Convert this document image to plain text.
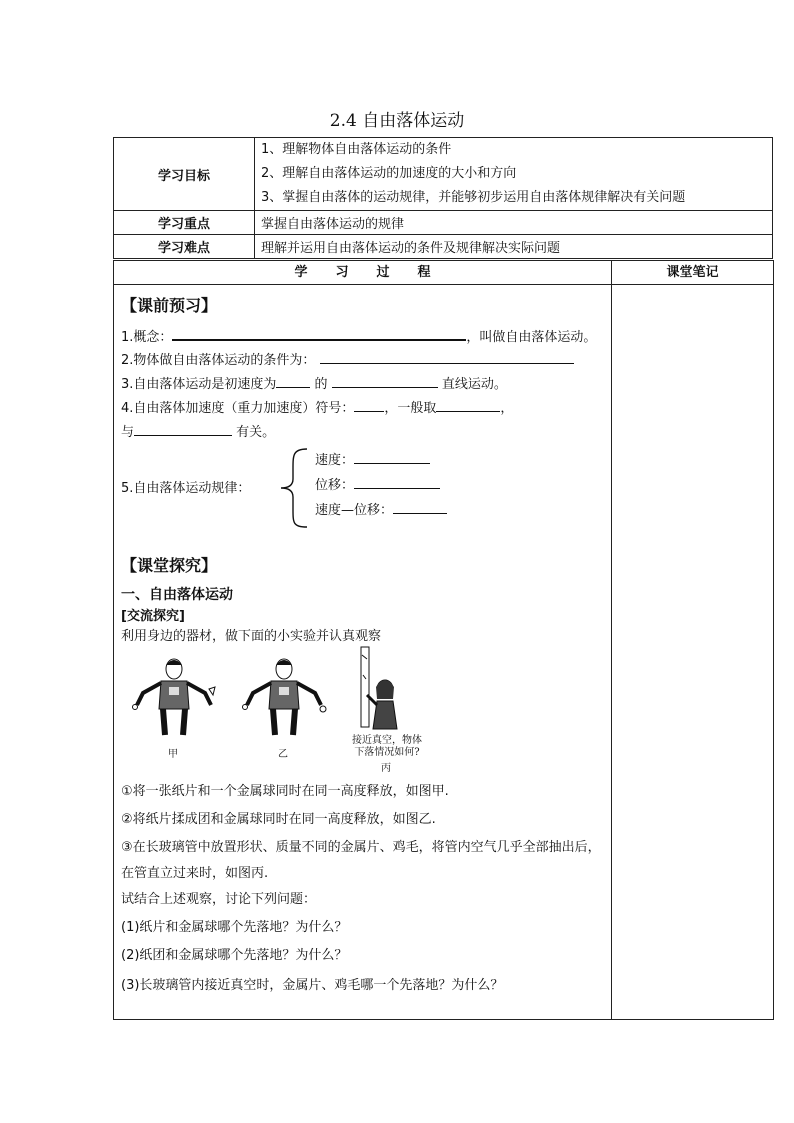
2.4 自由落体运动
学习目标	1、理解物体自由落体运动的条件
2、理解自由落体运动的加速度的大小和方向
3、掌握自由落体的运动规律，并能够初步运用自由落体规律解决有关问题

学习重点	掌握自由落体运动的规律
学习难点	理解并运用自由落体运动的条件及规律解决实际问题
学 习 过 程	课堂笔记
【课前预习】
1.概念：	，叫做自由落体运动。
2.物体做自由落体运动的条件为：
3.自由落体运动是初速度为	的	直线运动。
4.自由落体加速度（重力加速度）符号： ，一般取	，
与	有关。
5.自由落体运动规律：
速度：
位移：
速度—位移：
【课堂探究】
一、自由落体运动
[交流探究]
利用身边的器材，做下面的小实验并认真观察
接近真空，物体
下落情况如何?
甲	乙
丙
①将一张纸片和一个金属球同时在同一高度释放，如图甲.
②将纸片揉成团和金属球同时在同一高度释放，如图乙.
③在长玻璃管中放置形状、质量不同的金属片、鸡毛，将管内空气几乎全部抽出后，在管直立过来时，如图丙.
试结合上述观察，讨论下列问题：
(1)纸片和金属球哪个先落地？为什么？
(2)纸团和金属球哪个先落地？为什么？
(3)长玻璃管内接近真空时，金属片、鸡毛哪一个先落地？为什么？
